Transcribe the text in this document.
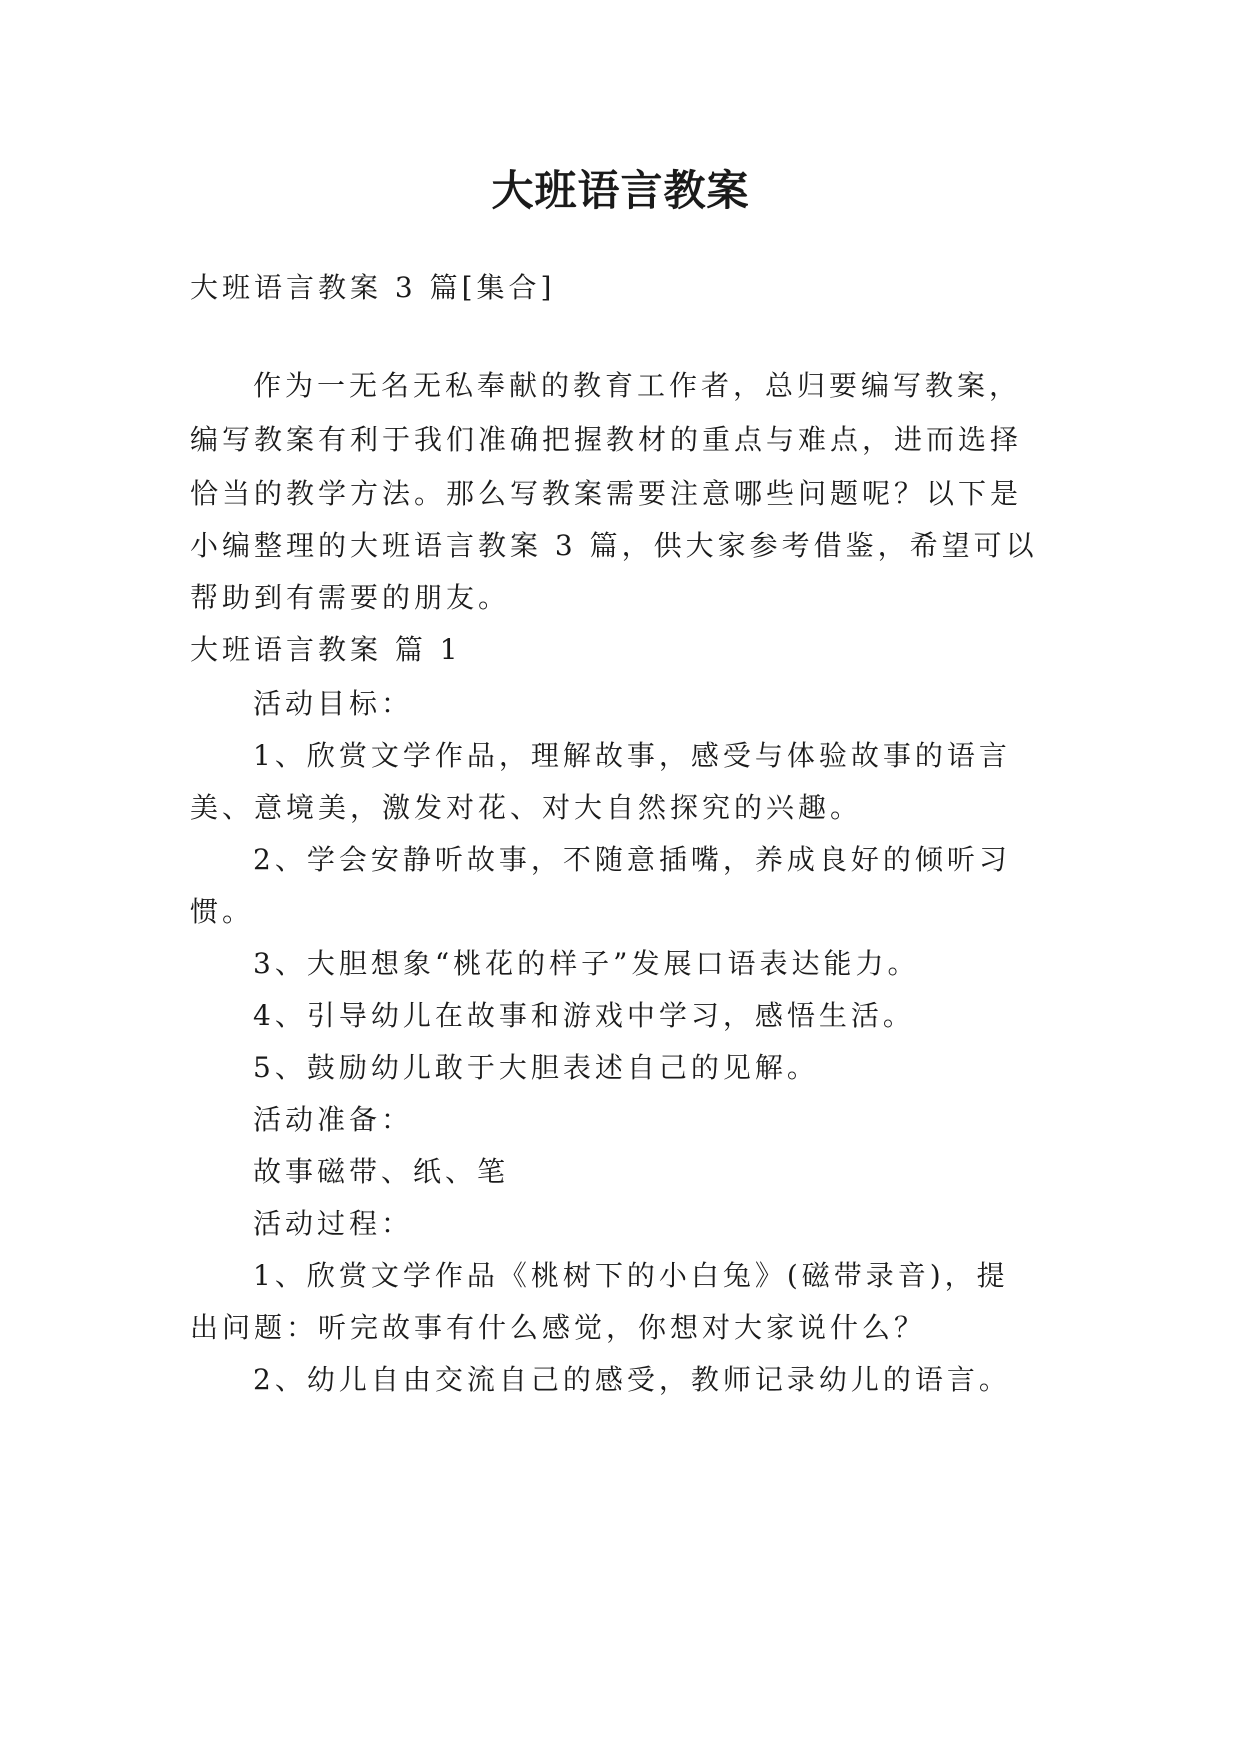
大班语言教案
大班语言教案 3 篇[集合]
作为一无名无私奉献的教育工作者，总归要编写教案，
编写教案有利于我们准确把握教材的重点与难点，进而选择
恰当的教学方法。那么写教案需要注意哪些问题呢？以下是
小编整理的大班语言教案 3 篇，供大家参考借鉴，希望可以
帮助到有需要的朋友。
大班语言教案 篇 1
活动目标：
1、欣赏文学作品，理解故事，感受与体验故事的语言
美、意境美，激发对花、对大自然探究的兴趣。
2、学会安静听故事，不随意插嘴，养成良好的倾听习
惯。
3、大胆想象“桃花的样子”发展口语表达能力。
4、引导幼儿在故事和游戏中学习，感悟生活。
5、鼓励幼儿敢于大胆表述自己的见解。
活动准备：
故事磁带、纸、笔
活动过程：
1、欣赏文学作品《桃树下的小白兔》(磁带录音)，提
出问题：听完故事有什么感觉，你想对大家说什么？
2、幼儿自由交流自己的感受，教师记录幼儿的语言。
